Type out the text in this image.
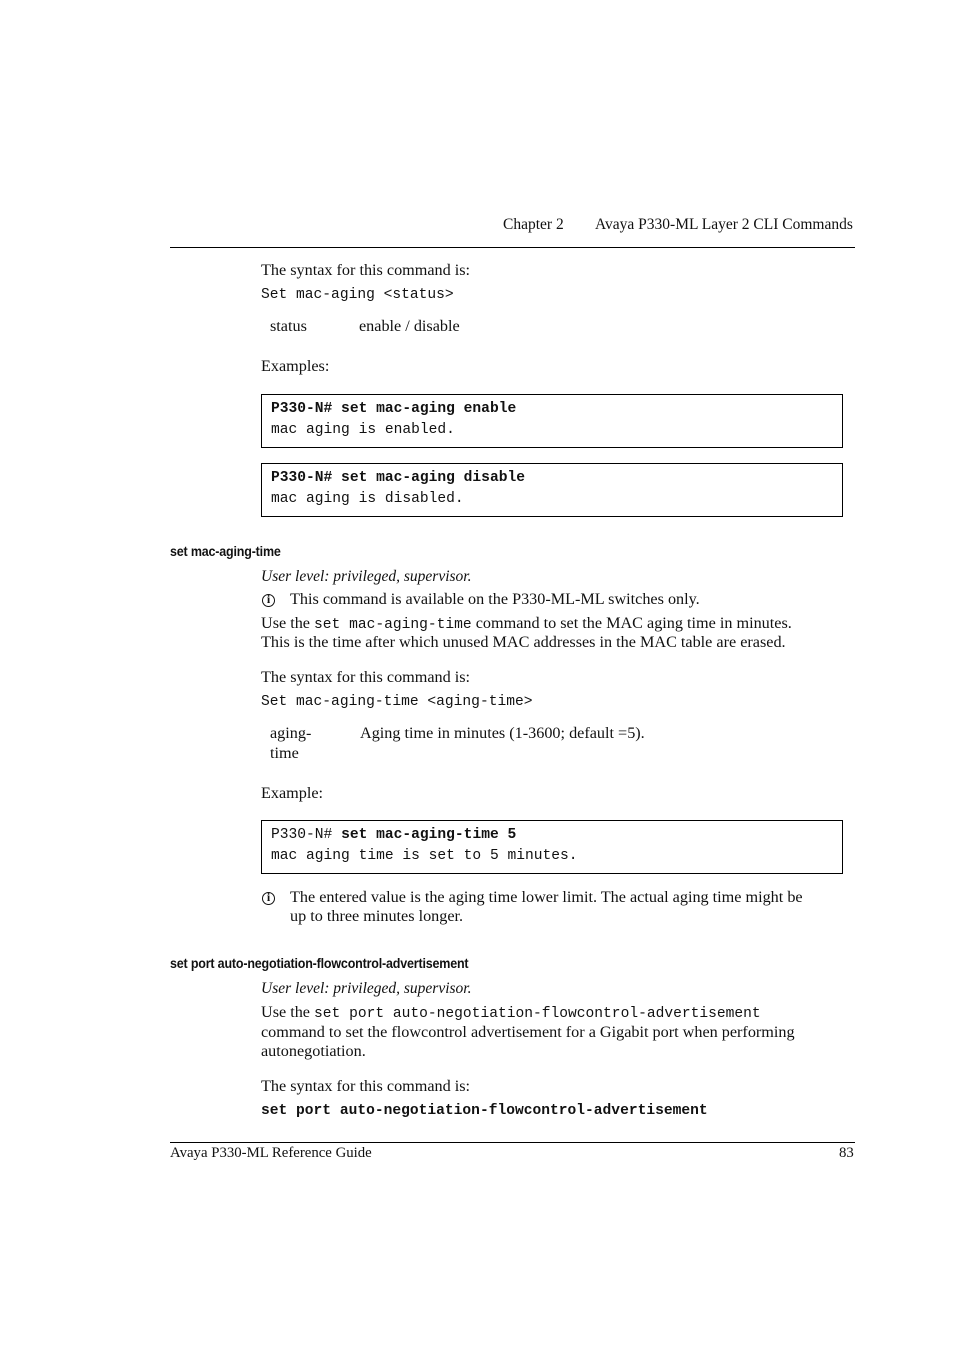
Chapter 2 Avaya P330-ML Layer 2 CLI Commands
The syntax for this command is:
Set mac-aging <status>
status	enable / disable
Examples:
P330-N# set mac-aging enable
mac aging is enabled.
P330-N# set mac-aging disable
mac aging is disabled.
set mac-aging-time
User level: privileged, supervisor.
i
This command is available on the P330-ML-ML switches only.
Use the set mac-aging-time command to set the MAC aging time in minutes.
This is the time after which unused MAC addresses in the MAC table are erased.
The syntax for this command is:
Set mac-aging-time <aging-time>
aging-
time
Aging time in minutes (1-3600; default =5).
Example:
P330-N# set mac-aging-time 5
mac aging time is set to 5 minutes.
i
The entered value is the aging time lower limit. The actual aging time might be
up to three minutes longer.
set port auto-negotiation-flowcontrol-advertisement
User level: privileged, supervisor.
Use the set port auto-negotiation-flowcontrol-advertisement
command to set the flowcontrol advertisement for a Gigabit port when performing
autonegotiation.
The syntax for this command is:
set port auto-negotiation-flowcontrol-advertisement
Avaya P330-ML Reference Guide	83
